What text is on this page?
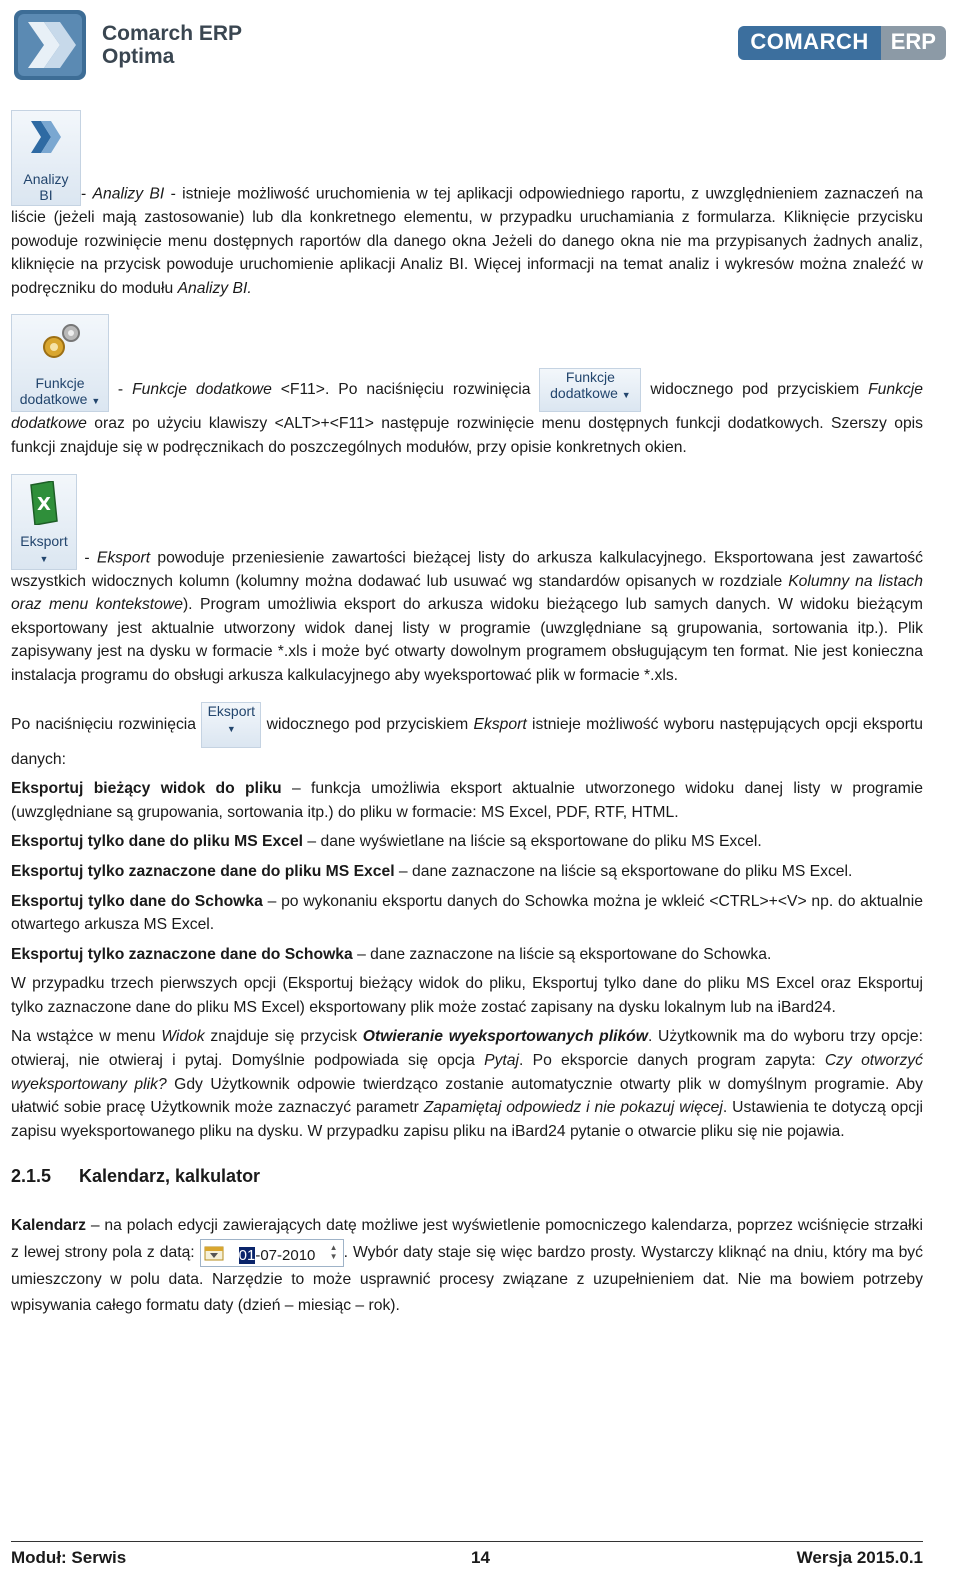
Comarch ERP
Optima
COMARCH	ERP

Analizy
BI	- Analizy BI - istnieje możliwość uruchomienia w tej aplikacji odpowiedniego raportu, z uwzględnieniem zaznaczeń na liście (jeżeli mają zastosowanie) lub dla konkretnego elementu, w przypadku uruchamiania z formularza. Kliknięcie przycisku powoduje rozwinięcie menu dostępnych raportów dla danego okna Jeżeli do danego okna nie ma przypisanych żadnych analiz, kliknięcie na przycisk powoduje uruchomienie aplikacji Analiz BI. Więcej informacji na temat analiz i wykresów można znaleźć w podręczniku do modułu Analizy BI.

Funkcje
dodatkowe ▼
- Funkcje dodatkowe <F11>. Po naciśnięciu rozwinięcia Funkcje
dodatkowe ▼ widocznego pod przyciskiem Funkcje dodatkowe oraz po użyciu klawiszy <ALT>+<F11> następuje rozwinięcie menu dostępnych funkcji dodatkowych. Szerszy opis funkcji znajduje się w podręcznikach do poszczególnych modułów, przy opisie konkretnych okien.

X
Eksport
▼	- Eksport powoduje przeniesienie zawartości bieżącej listy do arkusza kalkulacyjnego. Eksportowana jest zawartość wszystkich widocznych kolumn (kolumny można dodawać lub usuwać wg standardów opisanych w rozdziale Kolumny na listach oraz menu kontekstowe). Program umożliwia eksport do arkusza widoku bieżącego lub samych danych. W widoku bieżącym eksportowany jest aktualnie utworzony widok danej listy w programie (uwzględniane są grupowania, sortowania itp.). Plik zapisywany jest na dysku w formacie *.xls i może być otwarty dowolnym programem obsługującym ten format. Nie jest konieczna instalacja programu do obsługi arkusza kalkulacyjnego aby wyeksportować plik w formacie *.xls.

Po naciśnięciu rozwinięcia Eksport
▼ widocznego pod przyciskiem Eksport istnieje możliwość wyboru następujących opcji eksportu danych:

Eksportuj bieżący widok do pliku – funkcja umożliwia eksport aktualnie utworzonego widoku danej listy w programie (uwzględniane są grupowania, sortowania itp.) do pliku w formacie: MS Excel, PDF, RTF, HTML.

Eksportuj tylko dane do pliku MS Excel – dane wyświetlane na liście są eksportowane do pliku MS Excel.

Eksportuj tylko zaznaczone dane do pliku MS Excel – dane zaznaczone na liście są eksportowane do pliku MS Excel.

Eksportuj tylko dane do Schowka – po wykonaniu eksportu danych do Schowka można je wkleić <CTRL>+<V> np. do aktualnie otwartego arkusza MS Excel.

Eksportuj tylko zaznaczone dane do Schowka – dane zaznaczone na liście są eksportowane do Schowka.

W przypadku trzech pierwszych opcji (Eksportuj bieżący widok do pliku, Eksportuj tylko dane do pliku MS Excel oraz Eksportuj tylko zaznaczone dane do pliku MS Excel) eksportowany plik może zostać zapisany na dysku lokalnym lub na iBard24.

Na wstążce w menu Widok znajduje się przycisk Otwieranie wyeksportowanych plików. Użytkownik ma do wyboru trzy opcje: otwieraj, nie otwieraj i pytaj. Domyślnie podpowiada się opcja Pytaj. Po eksporcie danych program zapyta: Czy otworzyć wyeksportowany plik? Gdy Użytkownik odpowie twierdząco zostanie automatycznie otwarty plik w domyślnym programie. Aby ułatwić sobie pracę Użytkownik może zaznaczyć parametr Zapamiętaj odpowiedz i nie pokazuj więcej. Ustawienia te dotyczą opcji zapisu wyeksportowanego pliku na dysku. W przypadku zapisu pliku na iBard24 pytanie o otwarcie pliku się nie pojawia.

2.1.5 Kalendarz, kalkulator

Kalendarz – na polach edycji zawierających datę możliwe jest wyświetlenie pomocniczego kalendarza, poprzez wciśnięcie strzałki z lewej strony pola z datą:	01-07-2010 ▲
▼ . Wybór daty staje się więc bardzo prosty. Wystarczy kliknąć na dniu, który ma być umieszczony w polu data. Narzędzie to może usprawnić procesy związane z uzupełnieniem dat. Nie ma bowiem potrzeby wpisywania całego formatu daty (dzień – miesiąc – rok).

Moduł: Serwis	14	Wersja 2015.0.1
